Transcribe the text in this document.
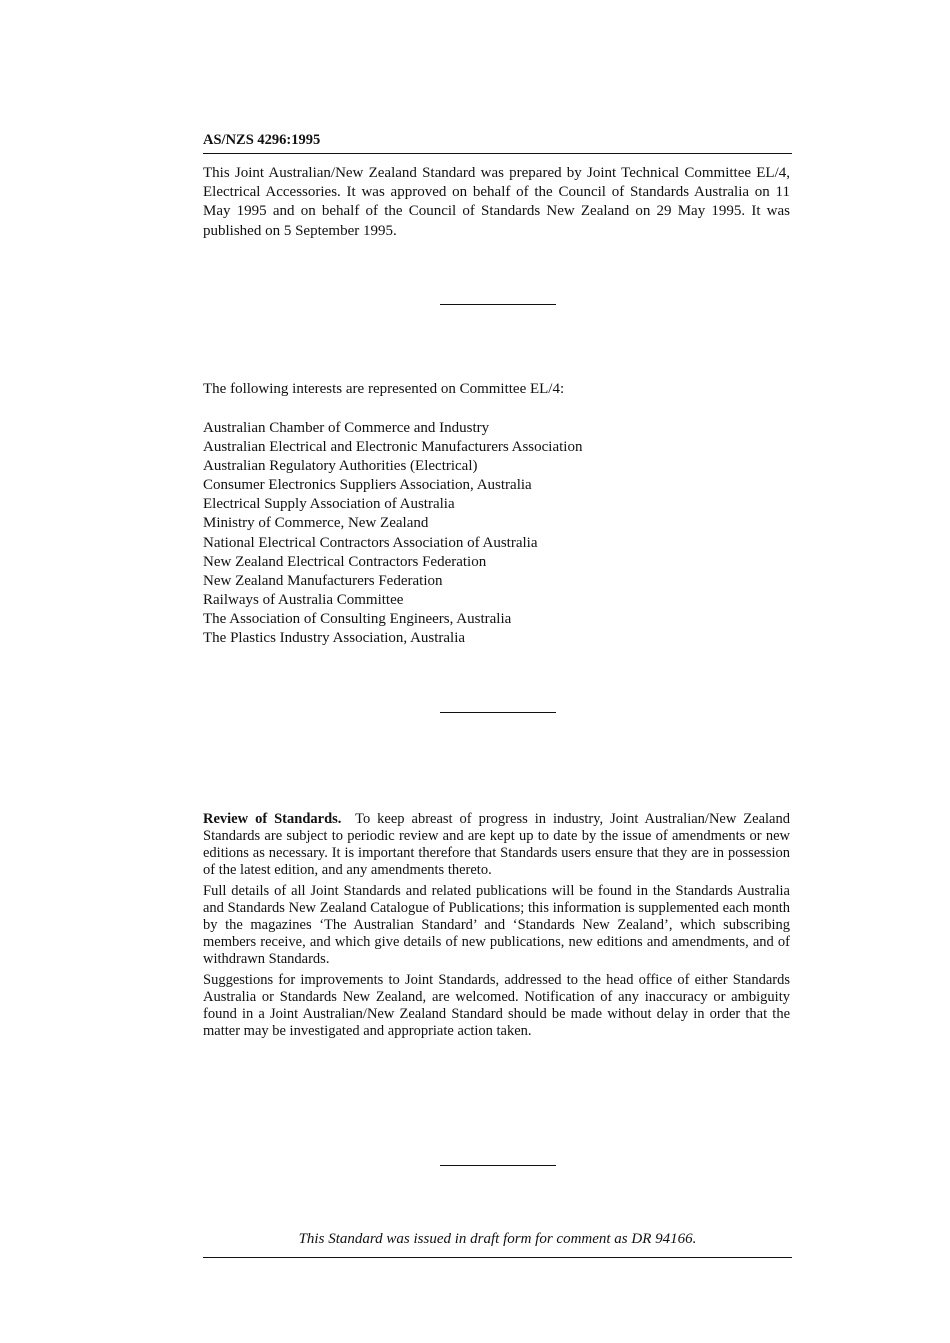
AS/NZS 4296:1995
This Joint Australian/New Zealand Standard was prepared by Joint Technical Committee EL/4, Electrical Accessories. It was approved on behalf of the Council of Standards Australia on 11 May 1995 and on behalf of the Council of Standards New Zealand on 29 May 1995. It was published on 5 September 1995.
The following interests are represented on Committee EL/4:
Australian Chamber of Commerce and Industry
Australian Electrical and Electronic Manufacturers Association
Australian Regulatory Authorities (Electrical)
Consumer Electronics Suppliers Association, Australia
Electrical Supply Association of Australia
Ministry of Commerce, New Zealand
National Electrical Contractors Association of Australia
New Zealand Electrical Contractors Federation
New Zealand Manufacturers Federation
Railways of Australia Committee
The Association of Consulting Engineers, Australia
The Plastics Industry Association, Australia

Review of Standards. To keep abreast of progress in industry, Joint Australian/New Zealand Standards are subject to periodic review and are kept up to date by the issue of amendments or new editions as necessary. It is important therefore that Standards users ensure that they are in possession of the latest edition, and any amendments thereto.

Full details of all Joint Standards and related publications will be found in the Standards Australia and Standards New Zealand Catalogue of Publications; this information is supplemented each month by the magazines ‘The Australian Standard’ and ‘Standards New Zealand’, which subscribing members receive, and which give details of new publications, new editions and amendments, and of withdrawn Standards.

Suggestions for improvements to Joint Standards, addressed to the head office of either Standards Australia or Standards New Zealand, are welcomed. Notification of any inaccuracy or ambiguity found in a Joint Australian/New Zealand Standard should be made without delay in order that the matter may be investigated and appropriate action taken.

This Standard was issued in draft form for comment as DR 94166.
